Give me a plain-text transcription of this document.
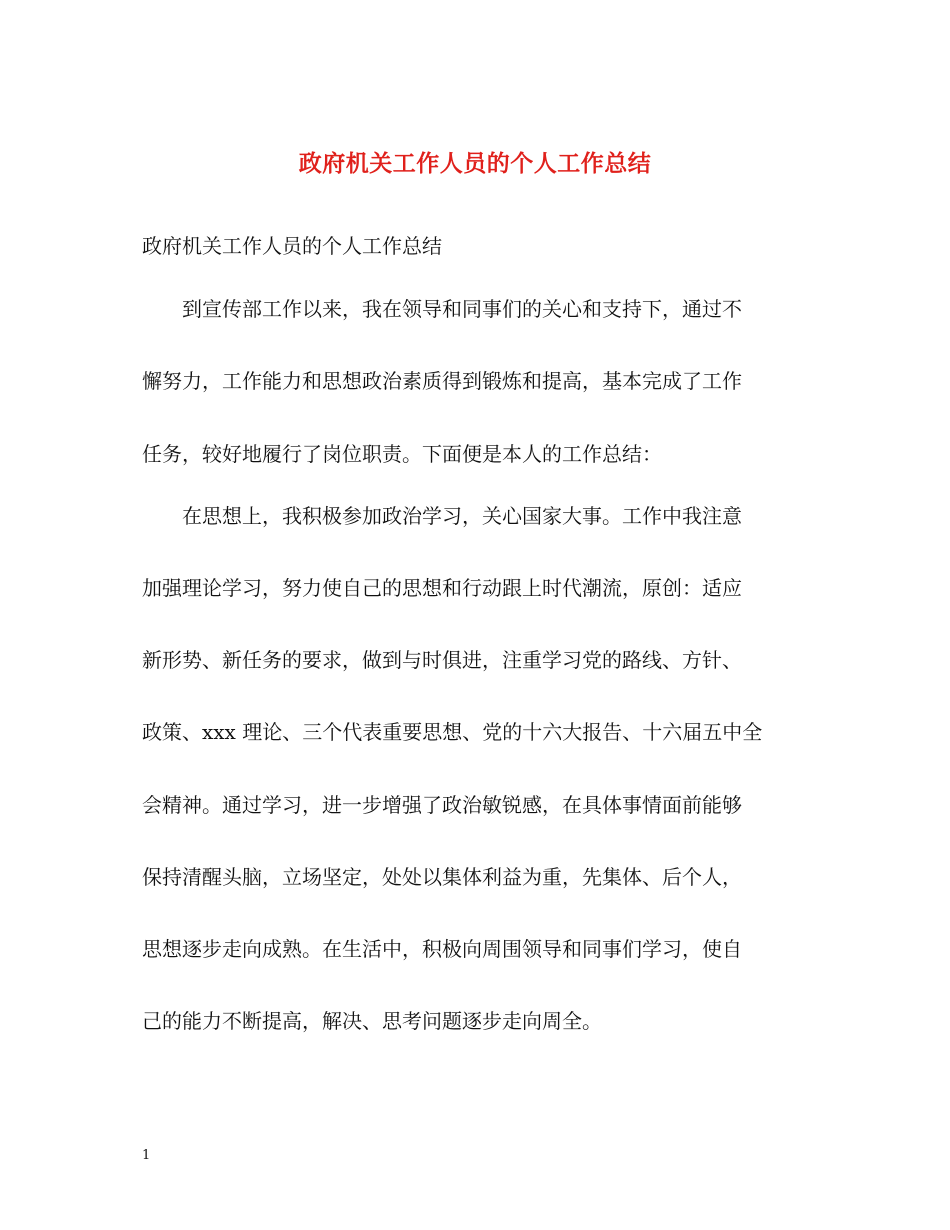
政府机关工作人员的个人工作总结
政府机关工作人员的个人工作总结
到宣传部工作以来，我在领导和同事们的关心和支持下，通过不
懈努力，工作能力和思想政治素质得到锻炼和提高，基本完成了工作
任务，较好地履行了岗位职责。下面便是本人的工作总结：
在思想上，我积极参加政治学习，关心国家大事。工作中我注意
加强理论学习，努力使自己的思想和行动跟上时代潮流，原创：适应
新形势、新任务的要求，做到与时俱进，注重学习党的路线、方针、
政策、xxx 理论、三个代表重要思想、党的十六大报告、十六届五中全
会精神。通过学习，进一步增强了政治敏锐感，在具体事情面前能够
保持清醒头脑，立场坚定，处处以集体利益为重，先集体、后个人，
思想逐步走向成熟。在生活中，积极向周围领导和同事们学习，使自
己的能力不断提高，解决、思考问题逐步走向周全。
1
